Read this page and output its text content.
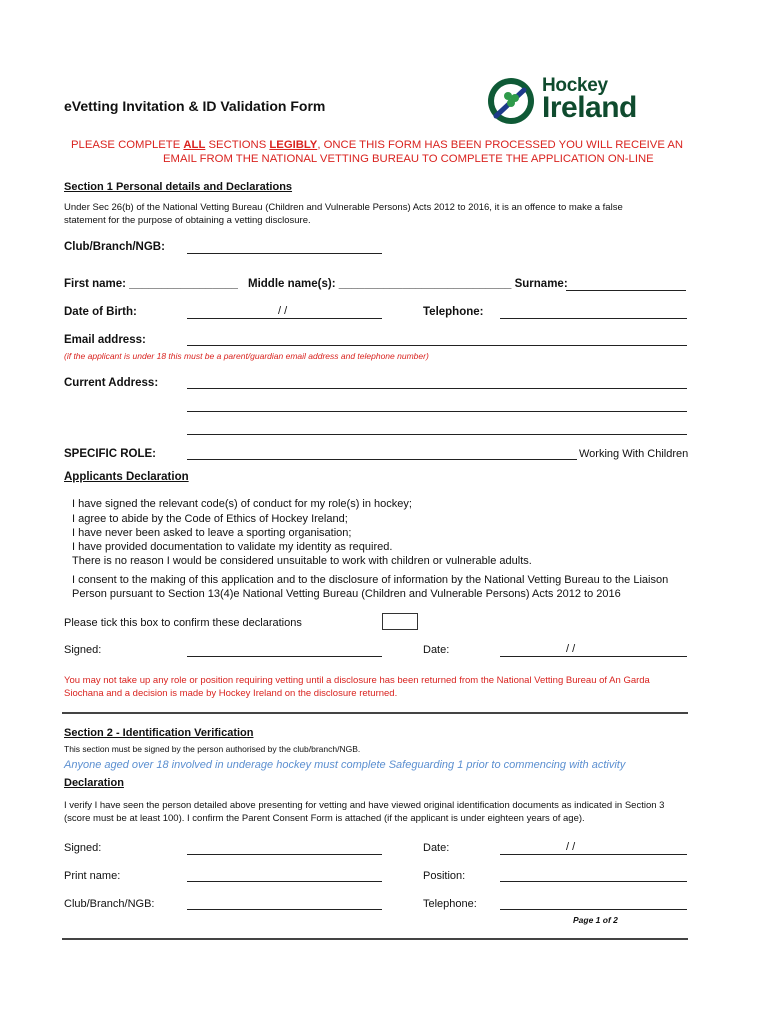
eVetting Invitation & ID Validation Form
Hockey
Ireland
PLEASE COMPLETE ALL SECTIONS LEGIBLY, ONCE THIS FORM HAS BEEN PROCESSED YOU WILL RECEIVE AN
EMAIL FROM THE NATIONAL VETTING BUREAU TO COMPLETE THE APPLICATION ON-LINE
Section 1 Personal details and Declarations
Under Sec 26(b) of the National Vetting Bureau (Children and Vulnerable Persons) Acts 2012 to 2016, it is an offence to make a false
statement for the purpose of obtaining a vetting disclosure.
Club/Branch/NGB:
First name: _________________ Middle name(s): ___________________________ Surname:
Date of Birth:	/ /	Telephone:
Email address:
(if the applicant is under 18 this must be a parent/guardian email address and telephone number)
Current Address:
SPECIFIC ROLE:	Working With Children
Applicants Declaration
I have signed the relevant code(s) of conduct for my role(s) in hockey;
I agree to abide by the Code of Ethics of Hockey Ireland;
I have never been asked to leave a sporting organisation;
I have provided documentation to validate my identity as required.
There is no reason I would be considered unsuitable to work with children or vulnerable adults.
I consent to the making of this application and to the disclosure of information by the National Vetting Bureau to the Liaison
Person pursuant to Section 13(4)e National Vetting Bureau (Children and Vulnerable Persons) Acts 2012 to 2016
Please tick this box to confirm these declarations
Signed:	Date:	/ /
You may not take up any role or position requiring vetting until a disclosure has been returned from the National Vetting Bureau of An Garda
Siochana and a decision is made by Hockey Ireland on the disclosure returned.
Section 2 - Identification Verification
This section must be signed by the person authorised by the club/branch/NGB.
Anyone aged over 18 involved in underage hockey must complete Safeguarding 1 prior to commencing with activity
Declaration
I verify I have seen the person detailed above presenting for vetting and have viewed original identification documents as indicated in Section 3
(score must be at least 100). I confirm the Parent Consent Form is attached (if the applicant is under eighteen years of age).
Signed:	Date:	/ /
Print name:	Position:
Club/Branch/NGB:	Telephone:
Page 1 of 2
